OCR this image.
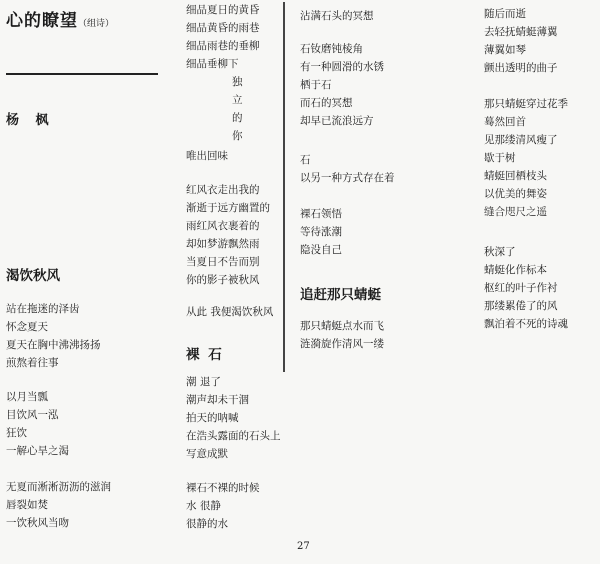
心的瞭望（组诗）
杨 枫
渴饮秋风
站在拖迷的泽齿
怀念夏天
夏天在胸中沸沸扬扬
煎熬着往事
以月当瓢
目饮风一泓
狂饮
一解心旱之渴
无夏而淅淅沥沥的滋润
唇裂如焚
一饮秋风当吻
细品夏日的黄昏
细品黄昏的雨巷
细品雨巷的垂柳
细品垂柳下
独
立
的
你
唯出回味
红风衣走出我的
渐逝于远方幽置的
雨红风衣裹着的
却如梦游飘然雨
当夏日不告而别
你的影子被秋风
从此 我便渴饮秋风
裸 石
潮 退了
潮声却未干涸
拍天的呐喊
在浩头露面的石头上
写意成默
裸石不裸的时候
水 很静
很静的水
沾满石头的冥想
石钕磨钝棱角
有一种圆滑的水锈
栖于石
而石的冥想
却早已流浪远方
石
以另一种方式存在着
裸石领悟
等待涨潮
隐没自己
追赶那只蜻蜓
那只蜻蜓点水而飞
涟漪旋作清风一缕
随后而逝
去轻抚蜻蜓薄翼
薄翼如琴
颤出透明的曲子
那只蜻蜓穿过花季
蓦然回首
见那缕清风瘦了
歇于树
蜻蜓回栖枝头
以优美的舞姿
缝合咫尺之遥
秋深了
蜻蜓化作标本
枢红的叶子作衬
那缕累倦了的风
飘泊着不死的诗魂
27
